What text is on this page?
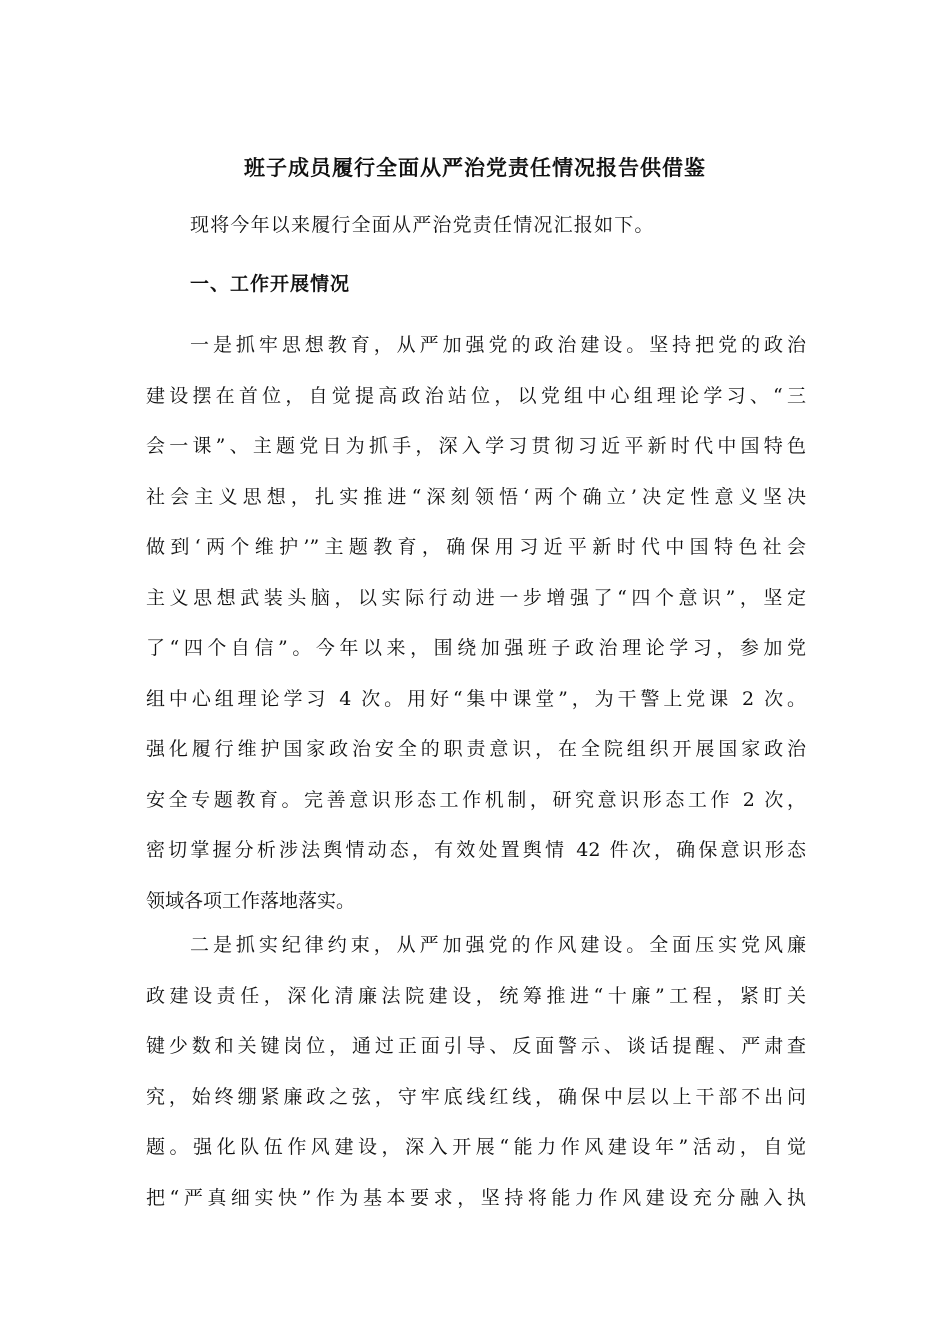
班子成员履行全面从严治党责任情况报告供借鉴
现将今年以来履行全面从严治党责任情况汇报如下。
一、工作开展情况
一是抓牢思想教育，从严加强党的政治建设。坚持把党的政治
建设摆在首位，自觉提高政治站位，以党组中心组理论学习、“三
会一课”、主题党日为抓手，深入学习贯彻习近平新时代中国特色
社会主义思想，扎实推进“深刻领悟‘两个确立’决定性意义坚决
做到‘两个维护’”主题教育，确保用习近平新时代中国特色社会
主义思想武装头脑，以实际行动进一步增强了“四个意识”，坚定
了“四个自信”。今年以来，围绕加强班子政治理论学习，参加党
组中心组理论学习 4 次。用好“集中课堂”，为干警上党课 2 次。
强化履行维护国家政治安全的职责意识，在全院组织开展国家政治
安全专题教育。完善意识形态工作机制，研究意识形态工作 2 次，
密切掌握分析涉法舆情动态，有效处置舆情 42 件次，确保意识形态
领域各项工作落地落实。
二是抓实纪律约束，从严加强党的作风建设。全面压实党风廉
政建设责任，深化清廉法院建设，统筹推进“十廉”工程，紧盯关
键少数和关键岗位，通过正面引导、反面警示、谈话提醒、严肃查
究，始终绷紧廉政之弦，守牢底线红线，确保中层以上干部不出问
题。强化队伍作风建设，深入开展“能力作风建设年”活动，自觉
把“严真细实快”作为基本要求，坚持将能力作风建设充分融入执
